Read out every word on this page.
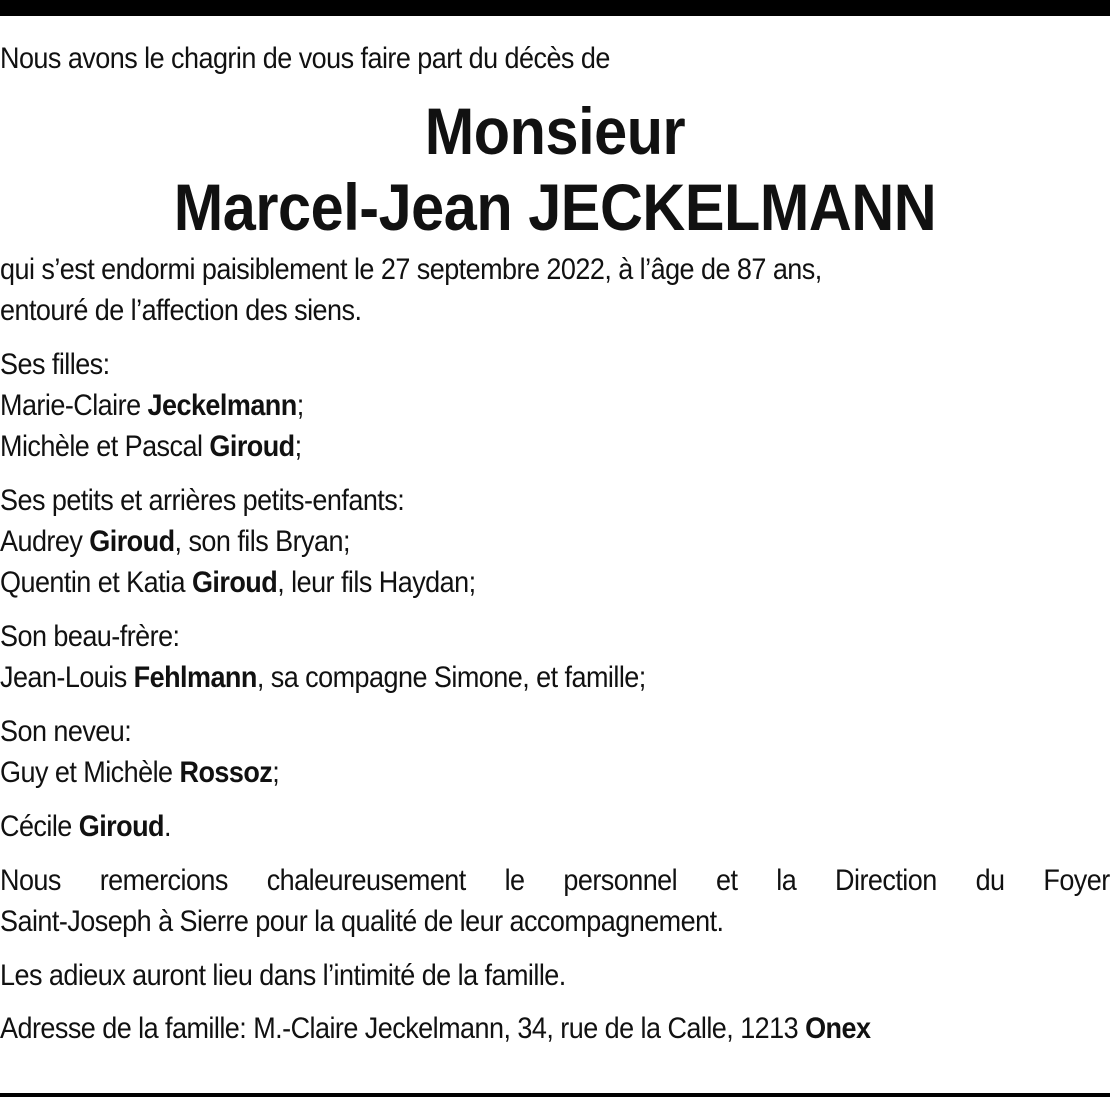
Nous avons le chagrin de vous faire part du décès de
Monsieur
Marcel-Jean JECKELMANN
qui s’est endormi paisiblement le 27 septembre 2022, à l’âge de 87 ans,
entouré de l’affection des siens.
Ses filles:
Marie-Claire Jeckelmann;
Michèle et Pascal Giroud;
Ses petits et arrières petits-enfants:
Audrey Giroud, son fils Bryan;
Quentin et Katia Giroud, leur fils Haydan;
Son beau-frère:
Jean-Louis Fehlmann, sa compagne Simone, et famille;
Son neveu:
Guy et Michèle Rossoz;
Cécile Giroud.
Nous remercions chaleureusement le personnel et la Direction du Foyer
Saint-Joseph à Sierre pour la qualité de leur accompagnement.
Les adieux auront lieu dans l’intimité de la famille.
Adresse de la famille: M.-Claire Jeckelmann, 34, rue de la Calle, 1213 Onex
